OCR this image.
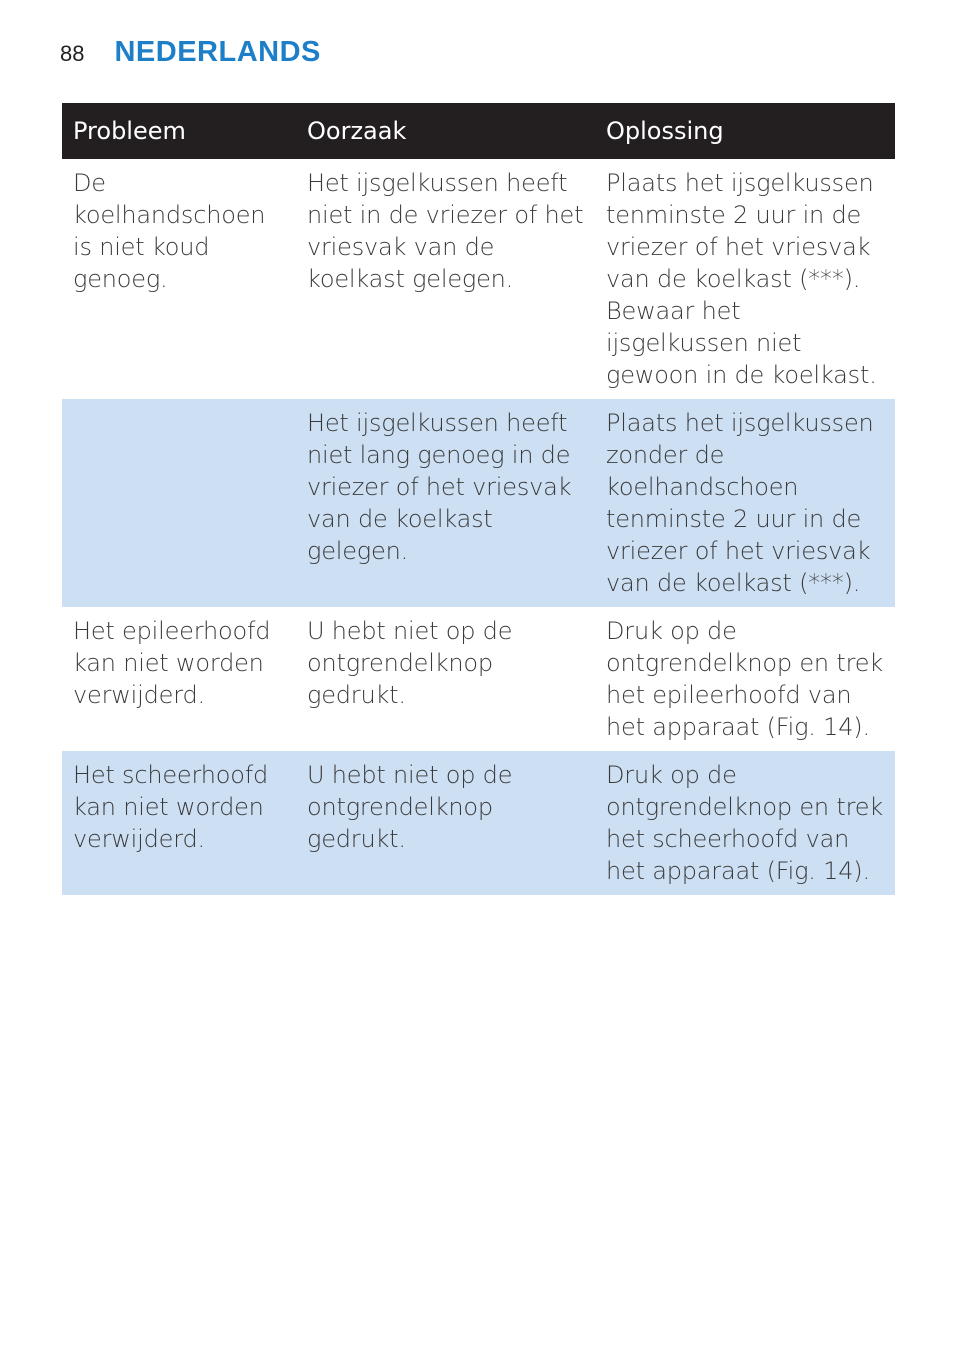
88 NEDERLANDS
Probleem	Oorzaak	Oplossing
De koelhandschoen is niet koud genoeg.	Het ijsgelkussen heeft niet in de vriezer of het vriesvak van de koelkast gelegen.	Plaats het ijsgelkussen tenminste 2 uur in de vriezer of het vriesvak van de koelkast (***). Bewaar het ijsgelkussen niet gewoon in de koelkast.
	Het ijsgelkussen heeft niet lang genoeg in de vriezer of het vriesvak van de koelkast gelegen.	Plaats het ijsgelkussen zonder de koelhandschoen tenminste 2 uur in de vriezer of het vriesvak van de koelkast (***).
Het epileerhoofd kan niet worden verwijderd.	U hebt niet op de ontgrendelknop gedrukt.	Druk op de ontgrendelknop en trek het epileerhoofd van het apparaat (Fig. 14).
Het scheerhoofd kan niet worden verwijderd.	U hebt niet op de ontgrendelknop gedrukt.	Druk op de ontgrendelknop en trek het scheerhoofd van het apparaat (Fig. 14).
